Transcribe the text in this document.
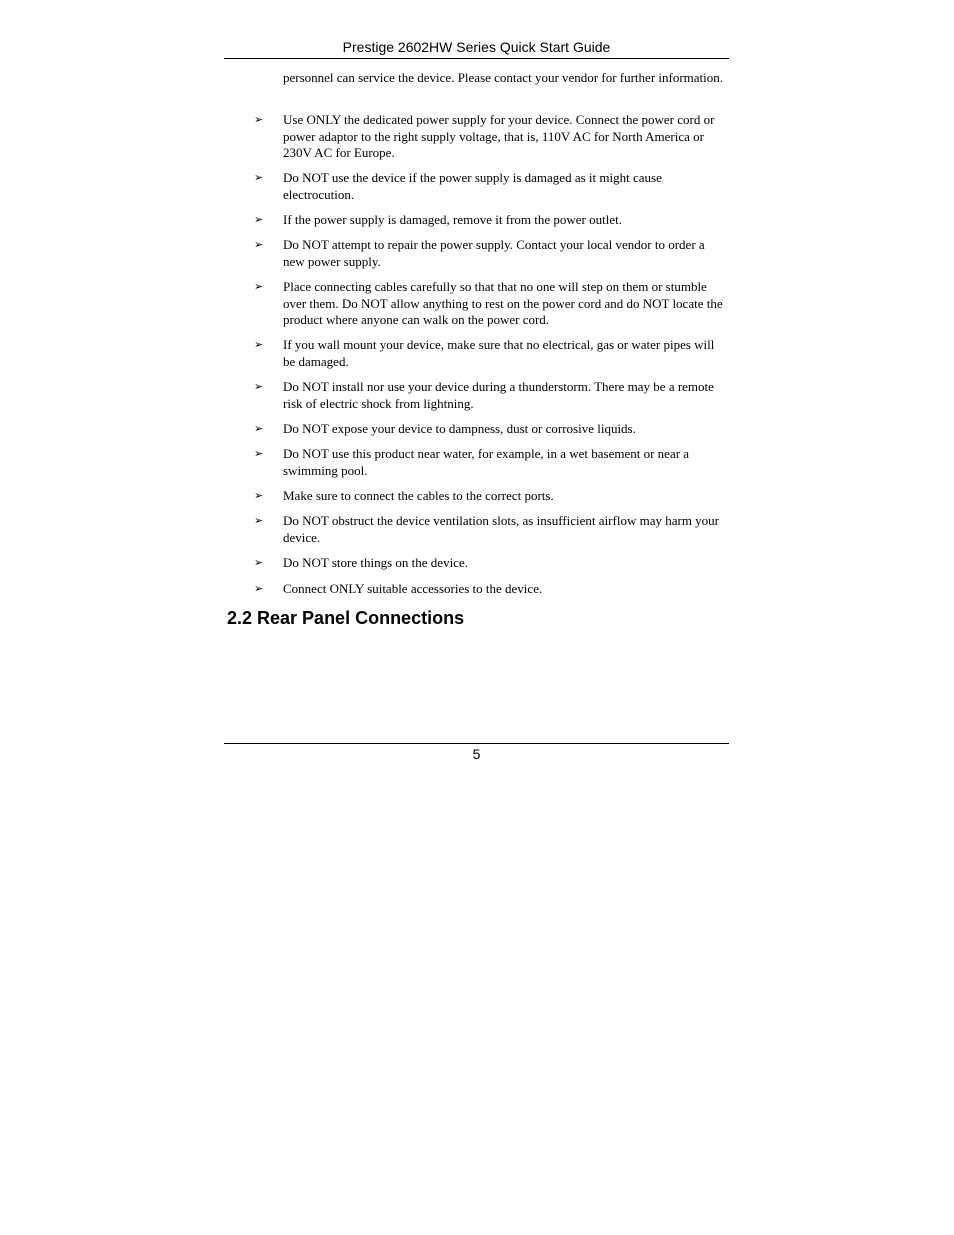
Prestige 2602HW Series Quick Start Guide

personnel can service the device. Please contact your vendor for further information.

➢ Use ONLY the dedicated power supply for your device. Connect the power cord or power adaptor to the right supply voltage, that is, 110V AC for North America or 230V AC for Europe.
➢ Do NOT use the device if the power supply is damaged as it might cause electrocution.
➢ If the power supply is damaged, remove it from the power outlet.
➢ Do NOT attempt to repair the power supply. Contact your local vendor to order a new power supply.
➢ Place connecting cables carefully so that that no one will step on them or stumble over them. Do NOT allow anything to rest on the power cord and do NOT locate the product where anyone can walk on the power cord.
➢ If you wall mount your device, make sure that no electrical, gas or water pipes will be damaged.
➢ Do NOT install nor use your device during a thunderstorm. There may be a remote risk of electric shock from lightning.
➢ Do NOT expose your device to dampness, dust or corrosive liquids.
➢ Do NOT use this product near water, for example, in a wet basement or near a swimming pool.
➢ Make sure to connect the cables to the correct ports.
➢ Do NOT obstruct the device ventilation slots, as insufficient airflow may harm your device.
➢ Do NOT store things on the device.
➢ Connect ONLY suitable accessories to the device.
2.2 Rear Panel Connections
5
